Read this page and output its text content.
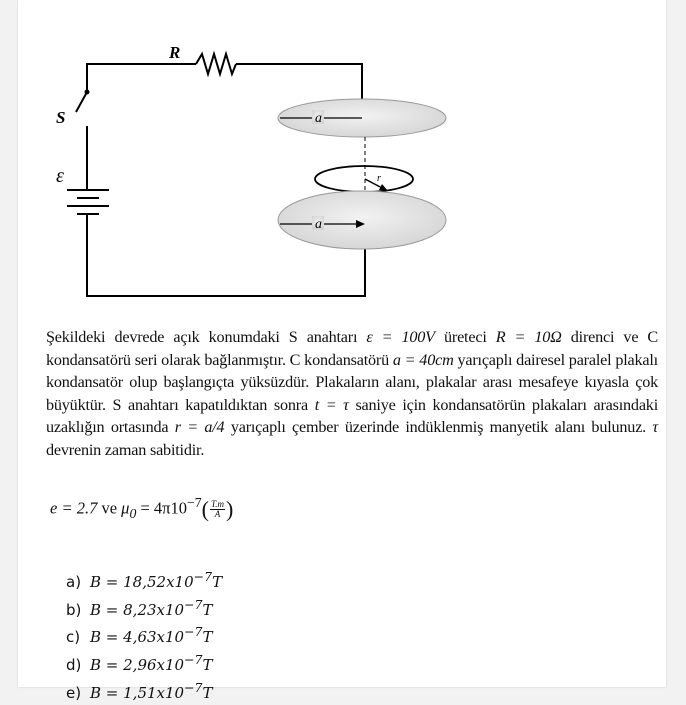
R
S
ε
a
a
r
Şekildeki devrede açık konumdaki S anahtarı ε = 100V üreteci R = 10Ω direnci ve C kondansatörü seri olarak bağlanmıştır. C kondansatörü a = 40cm yarıçaplı dairesel paralel plakalı kondansatör olup başlangıçta yüksüzdür. Plakaların alanı, plakalar arası mesafeye kıyasla çok büyüktür. S anahtarı kapatıldıktan sonra t = τ saniye için kondansatörün plakaları arasındaki uzaklığın ortasında r = a/4 yarıçaplı çember üzerinde indüklenmiş manyetik alanı bulunuz. τ devrenin zaman sabitidir.
e = 2.7 ve $\mu_0 = 4\pi 10^{-7}( \frac{T.m}{A}$ )
a) $B = 18,52x10^{-7}T$
b) $B = 8,23x10^{-7}T$
c) $B = 4,63x10^{-7}T$
d) $B = 2,96x10^{-7}T$
e) $B = 1,51x10^{-7}T$
